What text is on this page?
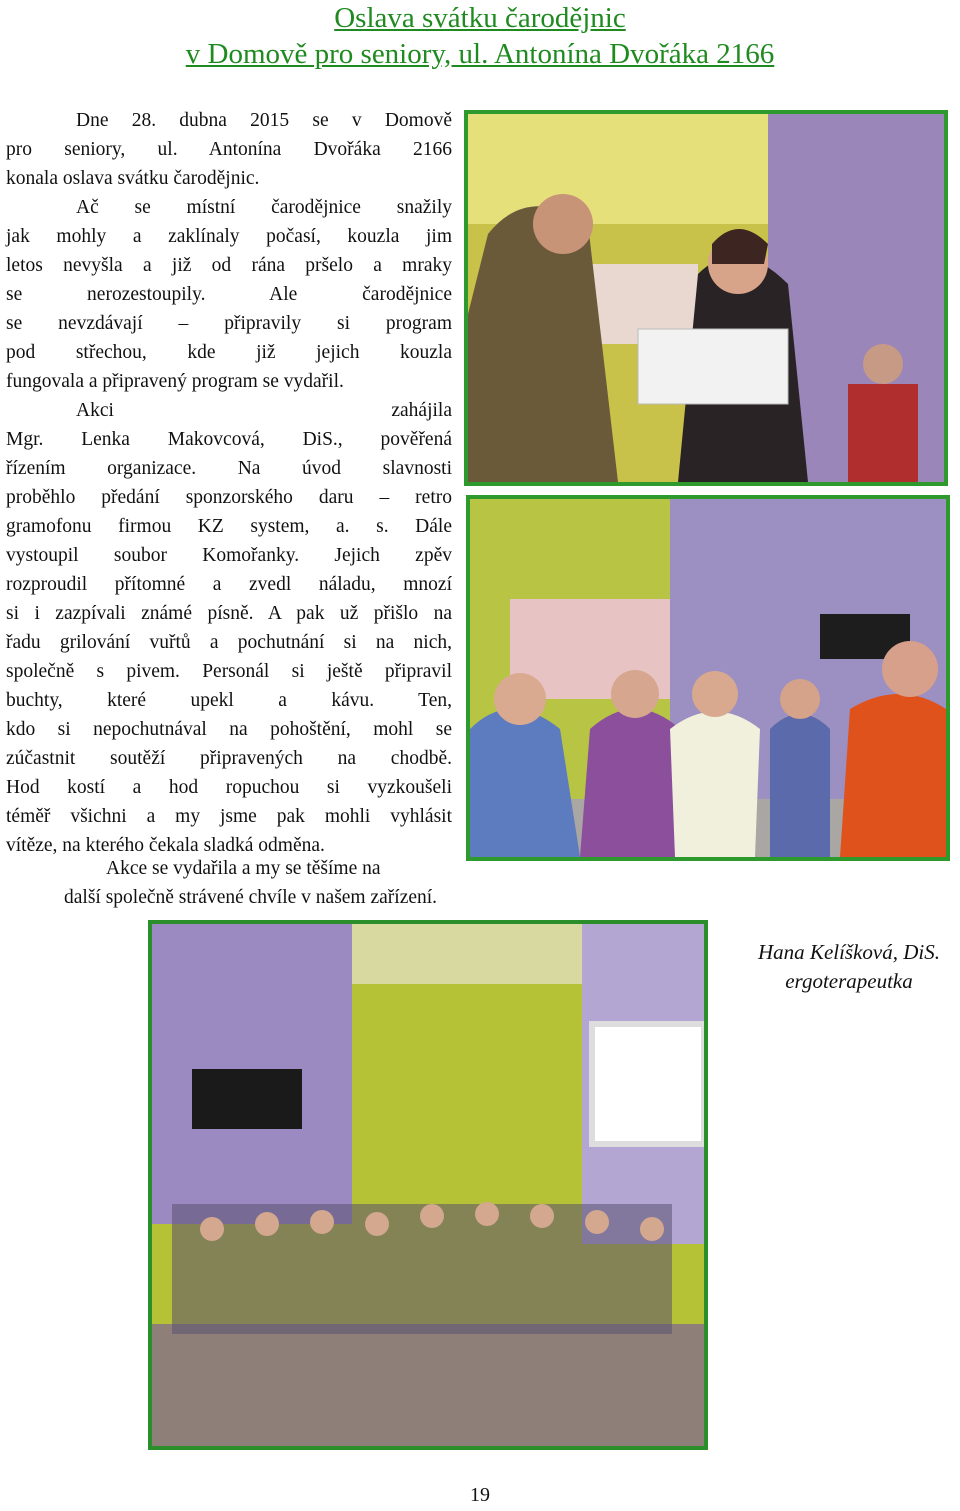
Oslava svátku čarodějnic
v Domově pro seniory, ul. Antonína Dvořáka 2166
Dne 28. dubna 2015 se v Domově
pro seniory, ul. Antonína Dvořáka 2166
konala oslava svátku čarodějnic.
Ač se místní čarodějnice snažily
jak mohly a zaklínaly počasí, kouzla jim
letos nevyšla a již od rána pršelo a mraky
se nerozestoupily. Ale čarodějnice
se nevzdávají – připravily si program
pod střechou, kde již jejich kouzla
fungovala a připravený program se vydařil.
Akci zahájila
Mgr. Lenka Makovcová, DiS., pověřená
řízením organizace. Na úvod slavnosti
proběhlo předání sponzorského daru – retro
gramofonu firmou KZ system, a. s. Dále
vystoupil soubor Komořanky. Jejich zpěv
rozproudil přítomné a zvedl náladu, mnozí
si i zazpívali známé písně. A pak už přišlo na
řadu grilování vuřtů a pochutnání si na nich,
společně s pivem. Personál si ještě připravil
buchty, které upekl a kávu. Ten,
kdo si nepochutnával na pohoštění, mohl se
zúčastnit soutěží připravených na chodbě.
Hod kostí a hod ropuchou si vyzkoušeli
téměř všichni a my jsme pak mohli vyhlásit
vítěze, na kterého čekala sladká odměna.
Akce se vydařila a my se těšíme na
další společně strávené chvíle v našem zařízení.
Hana Kelíšková, DiS.
ergoterapeutka
19
